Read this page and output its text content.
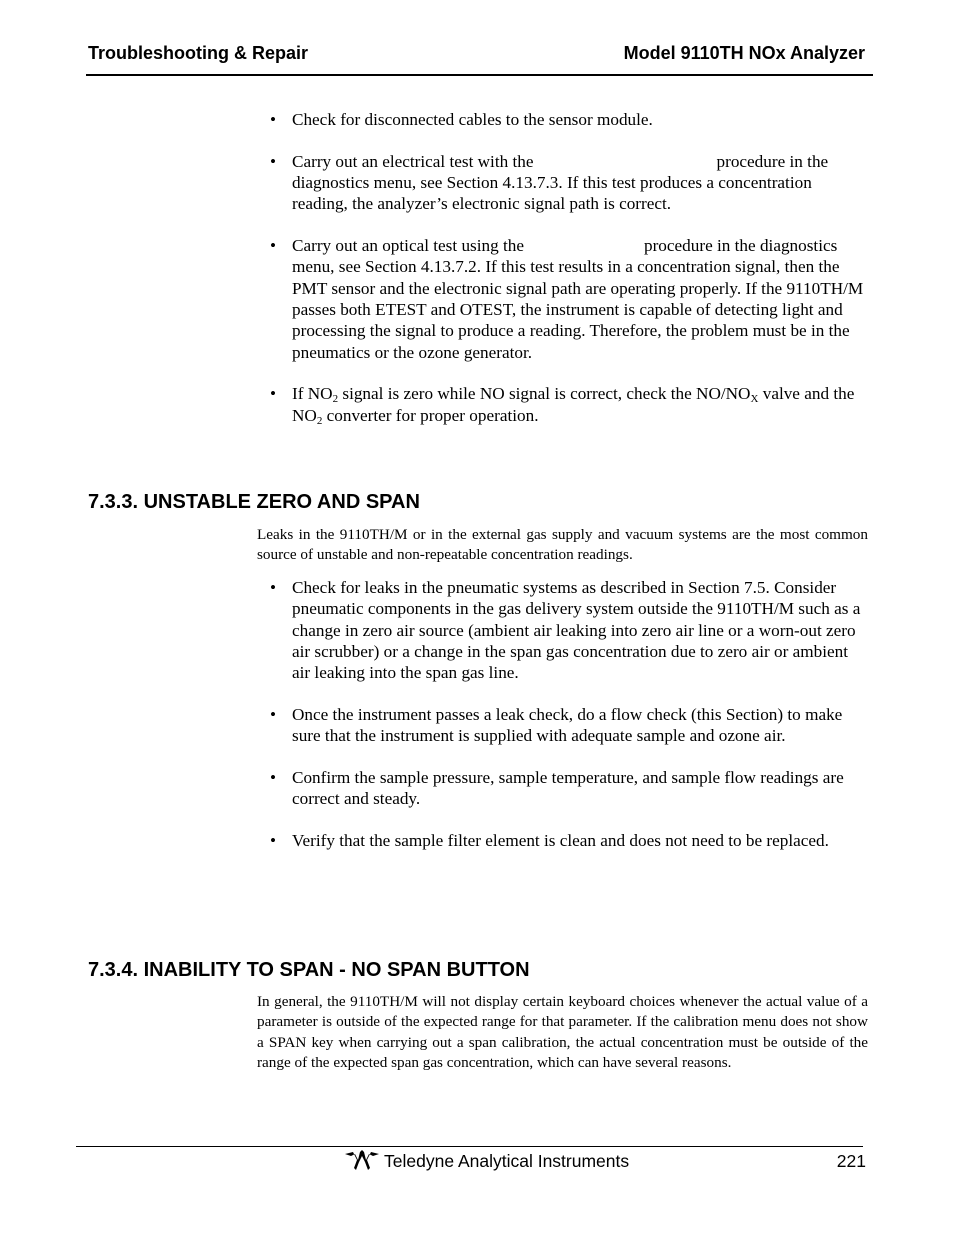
Troubleshooting & Repair	Model 9110TH NOx Analyzer
• Check for disconnected cables to the sensor module.
• Carry out an electrical test with the	procedure in the diagnostics menu, see Section 4.13.7.3. If this test produces a concentration reading, the analyzer’s electronic signal path is correct.
• Carry out an optical test using the	procedure in the diagnostics menu, see Section 4.13.7.2. If this test results in a concentration signal, then the PMT sensor and the electronic signal path are operating properly. If the 9110TH/M passes both ETEST and OTEST, the instrument is capable of detecting light and processing the signal to produce a reading. Therefore, the problem must be in the pneumatics or the ozone generator.
• If $NO_2$ signal is zero while NO signal is correct, check the $NO/NO_X$ valve and the $NO_2$ converter for proper operation.
7.3.3. UNSTABLE ZERO AND SPAN

Leaks in the 9110TH/M or in the external gas supply and vacuum systems are the most common source of unstable and non-repeatable concentration readings.

• Check for leaks in the pneumatic systems as described in Section 7.5. Consider pneumatic components in the gas delivery system outside the 9110TH/M such as a change in zero air source (ambient air leaking into zero air line or a worn-out zero air scrubber) or a change in the span gas concentration due to zero air or ambient air leaking into the span gas line.
• Once the instrument passes a leak check, do a flow check (this Section) to make sure that the instrument is supplied with adequate sample and ozone air.
• Confirm the sample pressure, sample temperature, and sample flow readings are correct and steady.
• Verify that the sample filter element is clean and does not need to be replaced.
7.3.4. INABILITY TO SPAN - NO SPAN BUTTON

In general, the 9110TH/M will not display certain keyboard choices whenever the actual value of a parameter is outside of the expected range for that parameter. If the calibration menu does not show a SPAN key when carrying out a span calibration, the actual concentration must be outside of the range of the expected span gas concentration, which can have several reasons.

Teledyne Analytical Instruments	221
